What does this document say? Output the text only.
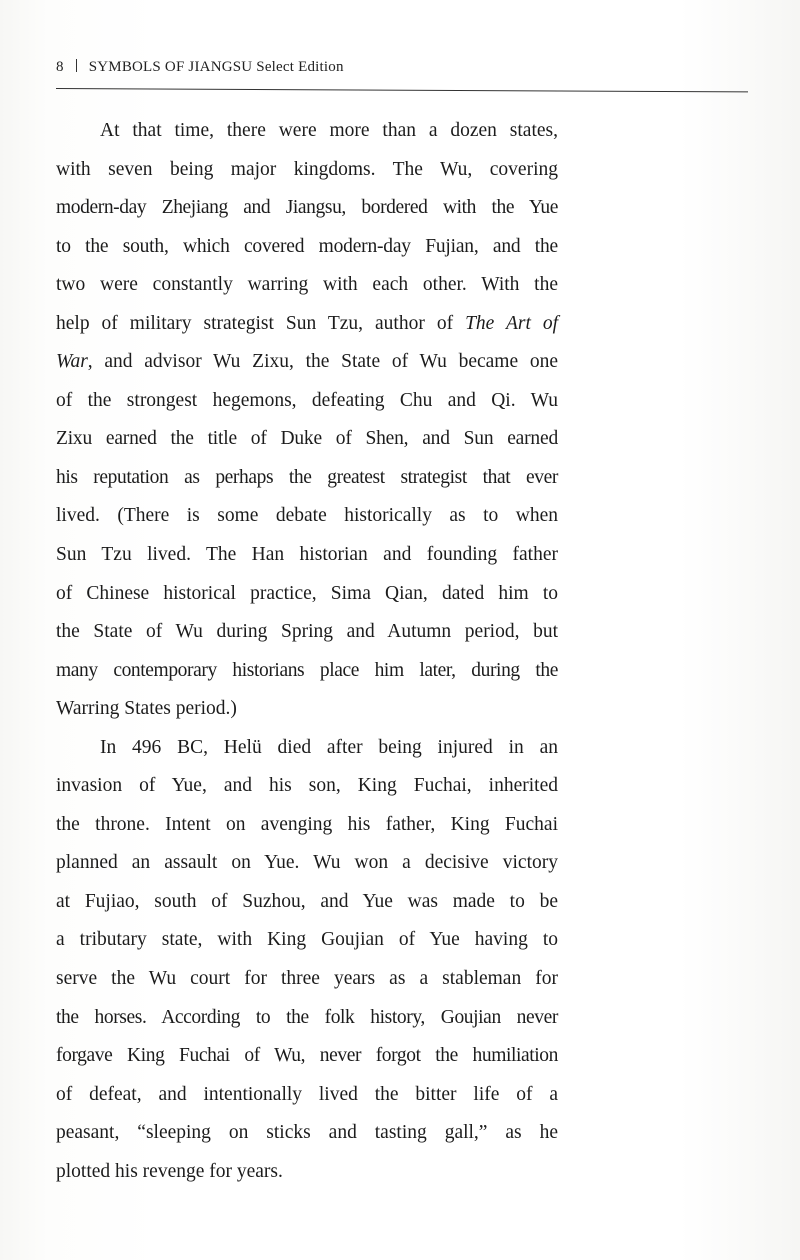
8 SYMBOLS OF JIANGSU Select Edition
At that time, there were more than a dozen states,
with seven being major kingdoms. The Wu, covering
modern-day Zhejiang and Jiangsu, bordered with the Yue
to the south, which covered modern-day Fujian, and the
two were constantly warring with each other. With the
help of military strategist Sun Tzu, author of The Art of
War, and advisor Wu Zixu, the State of Wu became one
of the strongest hegemons, defeating Chu and Qi. Wu
Zixu earned the title of Duke of Shen, and Sun earned
his reputation as perhaps the greatest strategist that ever
lived. (There is some debate historically as to when
Sun Tzu lived. The Han historian and founding father
of Chinese historical practice, Sima Qian, dated him to
the State of Wu during Spring and Autumn period, but
many contemporary historians place him later, during the
Warring States period.)
In 496 BC, Helü died after being injured in an
invasion of Yue, and his son, King Fuchai, inherited
the throne. Intent on avenging his father, King Fuchai
planned an assault on Yue. Wu won a decisive victory
at Fujiao, south of Suzhou, and Yue was made to be
a tributary state, with King Goujian of Yue having to
serve the Wu court for three years as a stableman for
the horses. According to the folk history, Goujian never
forgave King Fuchai of Wu, never forgot the humiliation
of defeat, and intentionally lived the bitter life of a
peasant, “sleeping on sticks and tasting gall,” as he
plotted his revenge for years.
